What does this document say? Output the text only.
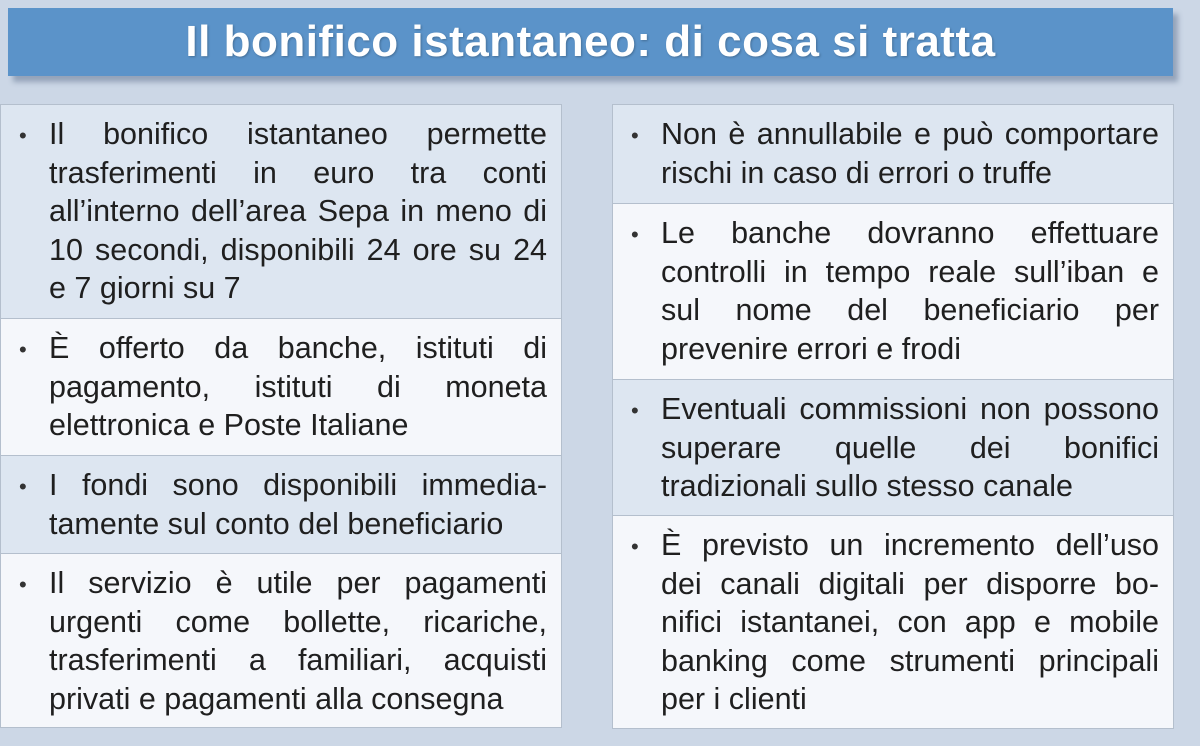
Il bonifico istantaneo: di cosa si tratta
• Il bonifico istantaneo permette trasferimenti in euro tra conti all’interno dell’area Sepa in meno di 10 secondi, disponibili 24 ore su 24 e 7 giorni su 7
• È offerto da banche, istituti di pagamento, istituti di moneta elettronica e Poste Italiane
• I fondi sono disponibili immediatamente sul conto del beneficiario
• Il servizio è utile per pagamenti urgenti come bollette, ricariche, trasferimenti a familiari, acquisti privati e pagamenti alla consegna
• Non è annullabile e può comportare rischi in caso di errori o truffe
• Le banche dovranno effettuare controlli in tempo reale sull’iban e sul nome del beneficiario per prevenire errori e frodi
• Eventuali commissioni non possono superare quelle dei bonifici tradizionali sullo stesso canale
• È previsto un incremento dell’uso dei canali digitali per disporre bonifici istantanei, con app e mobile banking come strumenti principali per i clienti
